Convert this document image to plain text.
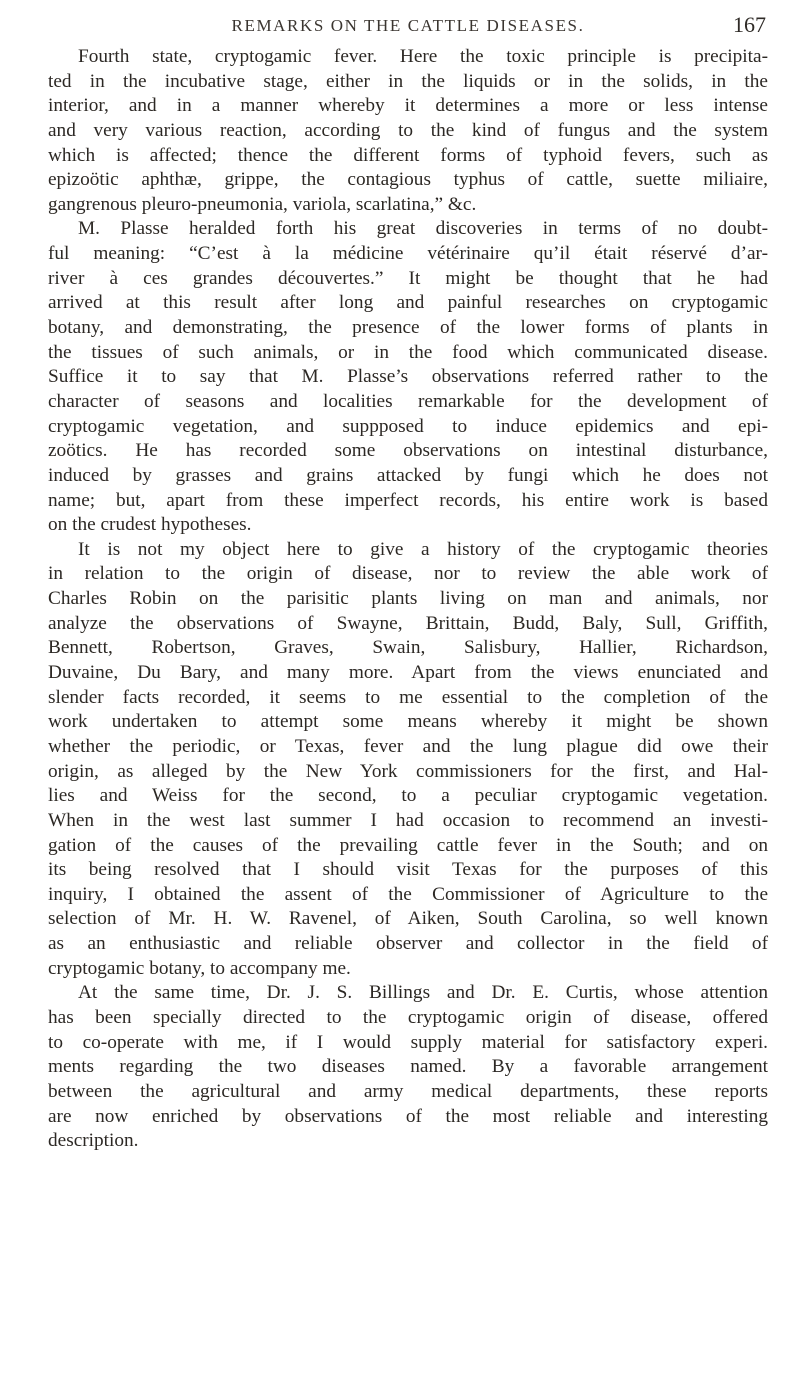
REMARKS ON THE CATTLE DISEASES.	167
Fourth state, cryptogamic fever. Here the toxic principle is precipita-
ted in the incubative stage, either in the liquids or in the solids, in the
interior, and in a manner whereby it determines a more or less intense
and very various reaction, according to the kind of fungus and the system
which is affected; thence the different forms of typhoid fevers, such as
epizoötic aphthæ, grippe, the contagious typhus of cattle, suette miliaire,
gangrenous pleuro-pneumonia, variola, scarlatina,” &c.
M. Plasse heralded forth his great discoveries in terms of no doubt-
ful meaning: “C’est à la médicine vétérinaire qu’il était réservé d’ar-
river à ces grandes découvertes.” It might be thought that he had
arrived at this result after long and painful researches on cryptogamic
botany, and demonstrating, the presence of the lower forms of plants in
the tissues of such animals, or in the food which communicated disease.
Suffice it to say that M. Plasse’s observations referred rather to the
character of seasons and localities remarkable for the development of
cryptogamic vegetation, and suppposed to induce epidemics and epi-
zoötics. He has recorded some observations on intestinal disturbance,
induced by grasses and grains attacked by fungi which he does not
name; but, apart from these imperfect records, his entire work is based
on the crudest hypotheses.
It is not my object here to give a history of the cryptogamic theories
in relation to the origin of disease, nor to review the able work of
Charles Robin on the parisitic plants living on man and animals, nor
analyze the observations of Swayne, Brittain, Budd, Baly, Sull, Griffith,
Bennett, Robertson, Graves, Swain, Salisbury, Hallier, Richardson,
Duvaine, Du Bary, and many more. Apart from the views enunciated and
slender facts recorded, it seems to me essential to the completion of the
work undertaken to attempt some means whereby it might be shown
whether the periodic, or Texas, fever and the lung plague did owe their
origin, as alleged by the New York commissioners for the first, and Hal-
lies and Weiss for the second, to a peculiar cryptogamic vegetation.
When in the west last summer I had occasion to recommend an investi-
gation of the causes of the prevailing cattle fever in the South; and on
its being resolved that I should visit Texas for the purposes of this
inquiry, I obtained the assent of the Commissioner of Agriculture to the
selection of Mr. H. W. Ravenel, of Aiken, South Carolina, so well known
as an enthusiastic and reliable observer and collector in the field of
cryptogamic botany, to accompany me.
At the same time, Dr. J. S. Billings and Dr. E. Curtis, whose attention
has been specially directed to the cryptogamic origin of disease, offered
to co-operate with me, if I would supply material for satisfactory experi.
ments regarding the two diseases named. By a favorable arrangement
between the agricultural and army medical departments, these reports
are now enriched by observations of the most reliable and interesting
description.
